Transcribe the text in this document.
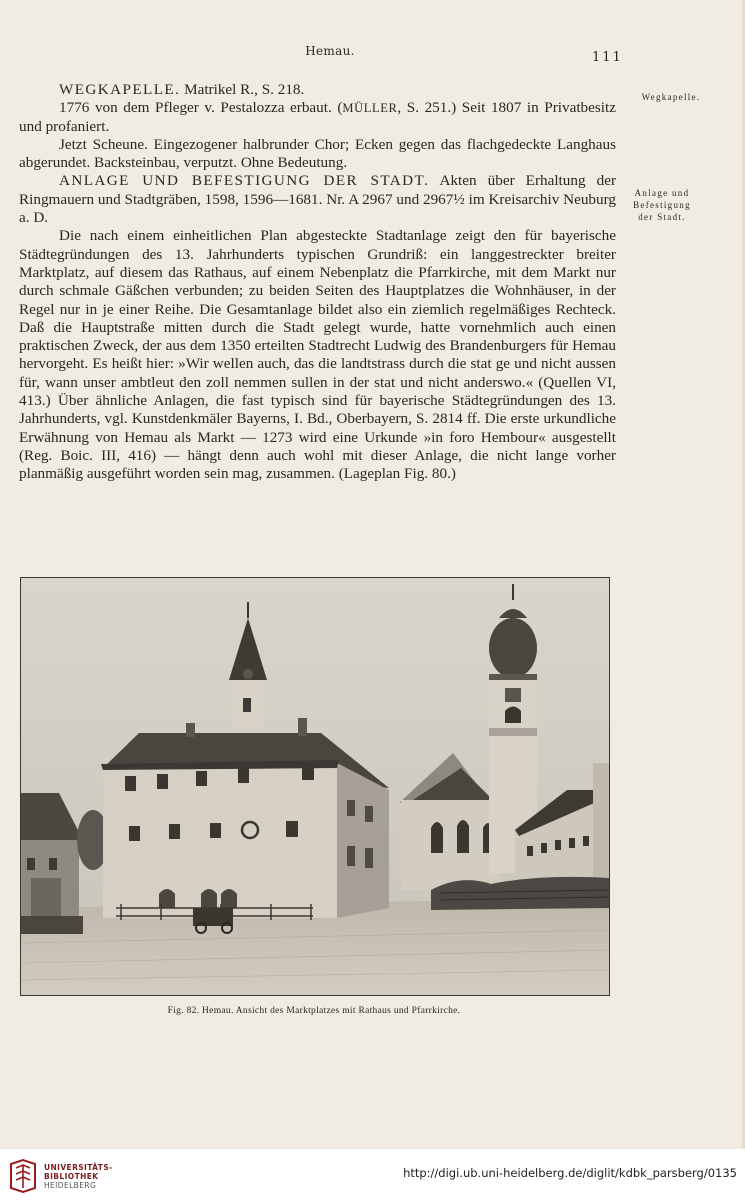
Hemau.	111
Wegkapelle.
Anlage und
Befestigung
der Stadt.

WEGKAPELLE. Matrikel R., S. 218.

1776 von dem Pfleger v. Pestalozza erbaut. (MÜLLER, S. 251.) Seit 1807 in Privatbesitz und profaniert.

Jetzt Scheune. Eingezogener halbrunder Chor; Ecken gegen das flachgedeckte Langhaus abgerundet. Backsteinbau, verputzt. Ohne Bedeutung.

ANLAGE UND BEFESTIGUNG DER STADT. Akten über Erhaltung der Ringmauern und Stadtgräben, 1598, 1596—1681. Nr. A 2967 und 2967½ im Kreisarchiv Neuburg a. D.

Die nach einem einheitlichen Plan abgesteckte Stadtanlage zeigt den für bayerische Städtegründungen des 13. Jahrhunderts typischen Grundriß: ein langgestreckter breiter Marktplatz, auf diesem das Rathaus, auf einem Nebenplatz die Pfarrkirche, mit dem Markt nur durch schmale Gäßchen verbunden; zu beiden Seiten des Hauptplatzes die Wohnhäuser, in der Regel nur in je einer Reihe. Die Gesamtanlage bildet also ein ziemlich regelmäßiges Rechteck. Daß die Hauptstraße mitten durch die Stadt gelegt wurde, hatte vornehmlich auch einen praktischen Zweck, der aus dem 1350 erteilten Stadtrecht Ludwig des Brandenburgers für Hemau hervorgeht. Es heißt hier: »Wir wellen auch, das die landtstrass durch die stat ge und nicht aussen für, wann unser ambtleut den zoll nemmen sullen in der stat und nicht anderswo.« (Quellen VI, 413.) Über ähnliche Anlagen, die fast typisch sind für bayerische Städtegründungen des 13. Jahrhunderts, vgl. Kunstdenkmäler Bayerns, I. Bd., Oberbayern, S. 2814 ff. Die erste urkundliche Erwähnung von Hemau als Markt — 1273 wird eine Urkunde »in foro Hembour« ausgestellt (Reg. Boic. III, 416) — hängt denn auch wohl mit dieser Anlage, die nicht lange vorher planmäßig ausgeführt worden sein mag, zusammen. (Lageplan Fig. 80.)

Fig. 82. Hemau. Ansicht des Marktplatzes mit Rathaus und Pfarrkirche.
UNIVERSITÄTS-
BIBLIOTHEK
HEIDELBERG
http://digi.ub.uni-heidelberg.de/diglit/kdbk_parsberg/0135
